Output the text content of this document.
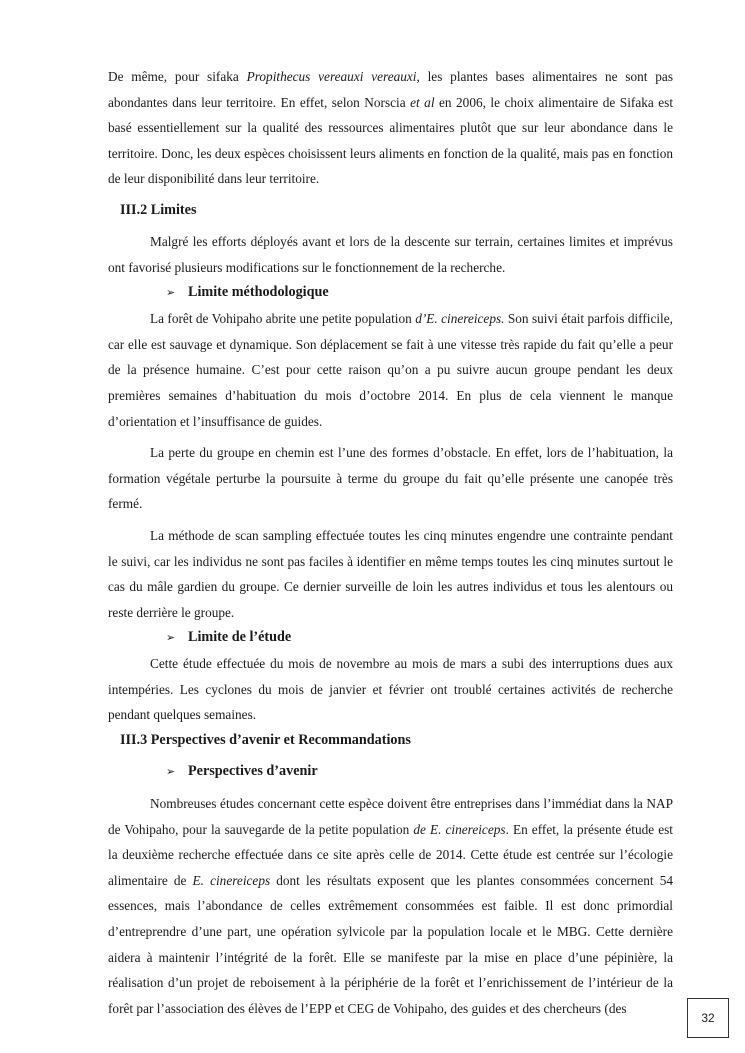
De même, pour sifaka Propithecus vereauxi vereauxi, les plantes bases alimentaires ne sont pas abondantes dans leur territoire. En effet, selon Norscia et al en 2006, le choix alimentaire de Sifaka est basé essentiellement sur la qualité des ressources alimentaires plutôt que sur leur abondance dans le territoire. Donc, les deux espèces choisissent leurs aliments en fonction de la qualité, mais pas en fonction de leur disponibilité dans leur territoire.

III.2 Limites

Malgré les efforts déployés avant et lors de la descente sur terrain, certaines limites et imprévus ont favorisé plusieurs modifications sur le fonctionnement de la recherche.

➢ Limite méthodologique

La forêt de Vohipaho abrite une petite population d’E. cinereiceps. Son suivi était parfois difficile, car elle est sauvage et dynamique. Son déplacement se fait à une vitesse très rapide du fait qu’elle a peur de la présence humaine. C’est pour cette raison qu’on a pu suivre aucun groupe pendant les deux premières semaines d’habituation du mois d’octobre 2014. En plus de cela viennent le manque d’orientation et l’insuffisance de guides.

La perte du groupe en chemin est l’une des formes d’obstacle. En effet, lors de l’habituation, la formation végétale perturbe la poursuite à terme du groupe du fait qu’elle présente une canopée très fermé.

La méthode de scan sampling effectuée toutes les cinq minutes engendre une contrainte pendant le suivi, car les individus ne sont pas faciles à identifier en même temps toutes les cinq minutes surtout le cas du mâle gardien du groupe. Ce dernier surveille de loin les autres individus et tous les alentours ou reste derrière le groupe.

➢ Limite de l’étude

Cette étude effectuée du mois de novembre au mois de mars a subi des interruptions dues aux intempéries. Les cyclones du mois de janvier et février ont troublé certaines activités de recherche pendant quelques semaines.

III.3 Perspectives d’avenir et Recommandations
➢ Perspectives d’avenir

Nombreuses études concernant cette espèce doivent être entreprises dans l’immédiat dans la NAP de Vohipaho, pour la sauvegarde de la petite population de E. cinereiceps. En effet, la présente étude est la deuxième recherche effectuée dans ce site après celle de 2014. Cette étude est centrée sur l’écologie alimentaire de E. cinereiceps dont les résultats exposent que les plantes consommées concernent 54 essences, mais l’abondance de celles extrêmement consommées est faible. Il est donc primordial d’entreprendre d’une part, une opération sylvicole par la population locale et le MBG. Cette dernière aidera à maintenir l’intégrité de la forêt. Elle se manifeste par la mise en place d’une pépinière, la réalisation d’un projet de reboisement à la périphérie de la forêt et l’enrichissement de l’intérieur de la forêt par l’association des élèves de l’EPP et CEG de Vohipaho, des guides et des chercheurs (des

32
